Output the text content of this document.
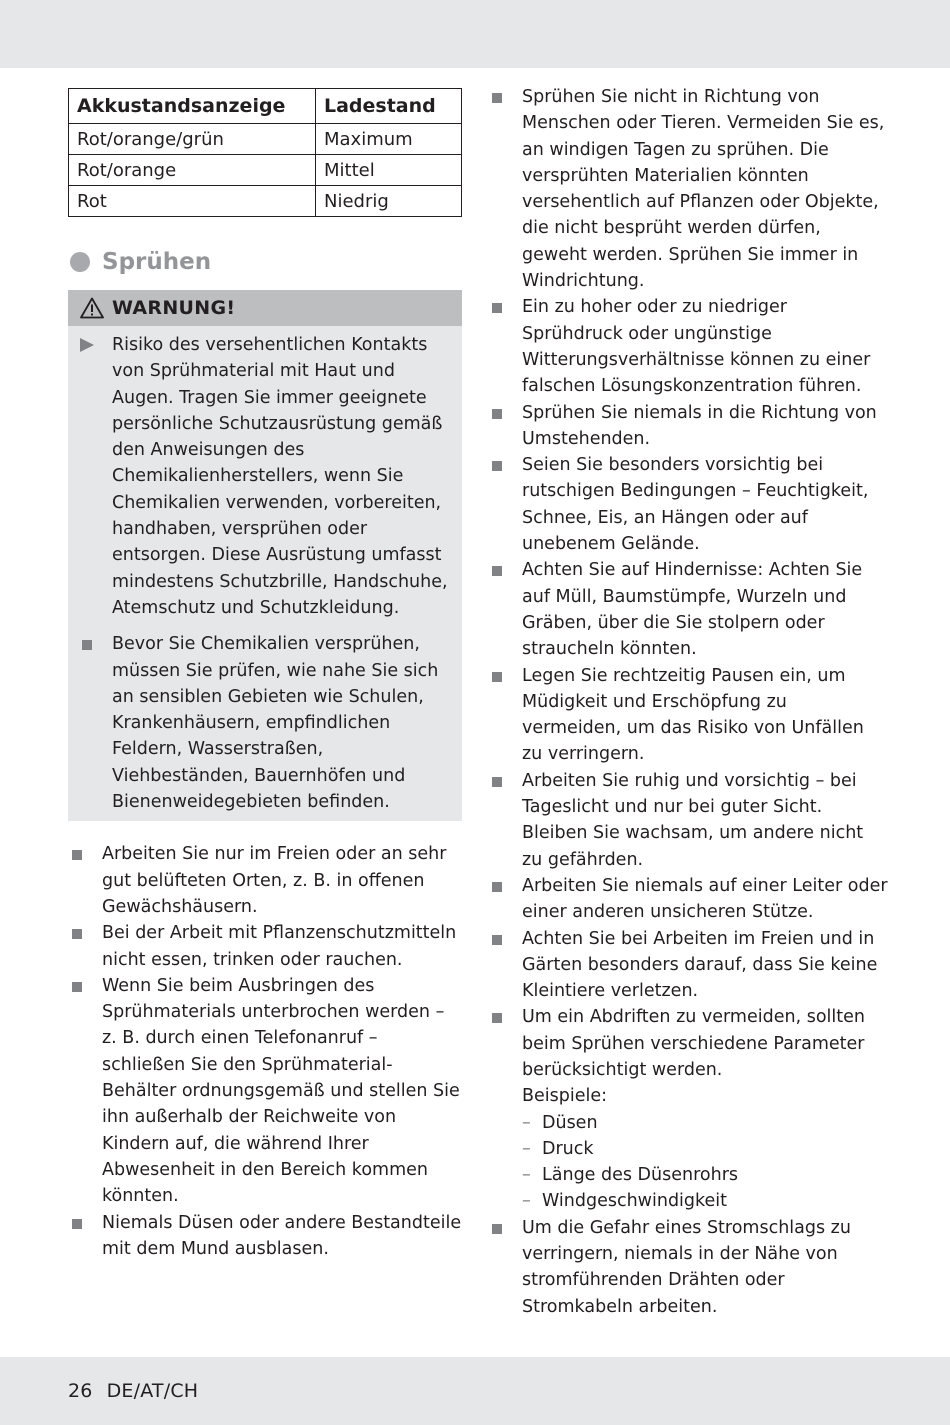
Akkustandsanzeige	Ladestand
Rot/orange/grün	Maximum
Rot/orange	Mittel
Rot	Niedrig
Sprühen
WARNUNG!
Risiko des versehentlichen Kontakts von Sprühmaterial mit Haut und Augen. Tragen Sie immer geeignete persönliche Schutzausrüstung gemäß den Anweisungen des Chemikalienherstellers, wenn Sie Chemikalien verwenden, vorbereiten, handhaben, versprühen oder entsorgen. Diese Ausrüstung umfasst mindestens Schutzbrille, Handschuhe, Atemschutz und Schutzkleidung.
Bevor Sie Chemikalien versprühen, müssen Sie prüfen, wie nahe Sie sich an sensiblen Gebieten wie Schulen, Krankenhäusern, empfindlichen Feldern, Wasserstraßen, Viehbeständen, Bauernhöfen und Bienenweidegebieten befinden.
Arbeiten Sie nur im Freien oder an sehr gut belüfteten Orten, z. B. in offenen Gewächshäusern.
Bei der Arbeit mit Pflanzenschutzmitteln nicht essen, trinken oder rauchen.
Wenn Sie beim Ausbringen des Sprühmaterials unterbrochen werden – z. B. durch einen Telefonanruf – schließen Sie den Sprühmaterial-Behälter ordnungsgemäß und stellen Sie ihn außerhalb der Reichweite von Kindern auf, die während Ihrer Abwesenheit in den Bereich kommen könnten.
Niemals Düsen oder andere Bestandteile mit dem Mund ausblasen.
Sprühen Sie nicht in Richtung von Menschen oder Tieren. Vermeiden Sie es, an windigen Tagen zu sprühen. Die versprühten Materialien könnten versehentlich auf Pflanzen oder Objekte, die nicht besprüht werden dürfen, geweht werden. Sprühen Sie immer in Windrichtung.
Ein zu hoher oder zu niedriger Sprühdruck oder ungünstige Witterungsverhältnisse können zu einer falschen Lösungskonzentration führen.
Sprühen Sie niemals in die Richtung von Umstehenden.
Seien Sie besonders vorsichtig bei rutschigen Bedingungen – Feuchtigkeit, Schnee, Eis, an Hängen oder auf unebenem Gelände.
Achten Sie auf Hindernisse: Achten Sie auf Müll, Baumstümpfe, Wurzeln und Gräben, über die Sie stolpern oder straucheln könnten.
Legen Sie rechtzeitig Pausen ein, um Müdigkeit und Erschöpfung zu vermeiden, um das Risiko von Unfällen zu verringern.
Arbeiten Sie ruhig und vorsichtig – bei Tageslicht und nur bei guter Sicht. Bleiben Sie wachsam, um andere nicht zu gefährden.
Arbeiten Sie niemals auf einer Leiter oder einer anderen unsicheren Stütze.
Achten Sie bei Arbeiten im Freien und in Gärten besonders darauf, dass Sie keine Kleintiere verletzen.
Um ein Abdriften zu vermeiden, sollten beim Sprühen verschiedene Parameter berücksichtigt werden.
Beispiele:
– Düsen
– Druck
– Länge des Düsenrohrs
– Windgeschwindigkeit
Um die Gefahr eines Stromschlags zu verringern, niemals in der Nähe von stromführenden Drähten oder Stromkabeln arbeiten.
26 DE/AT/CH
